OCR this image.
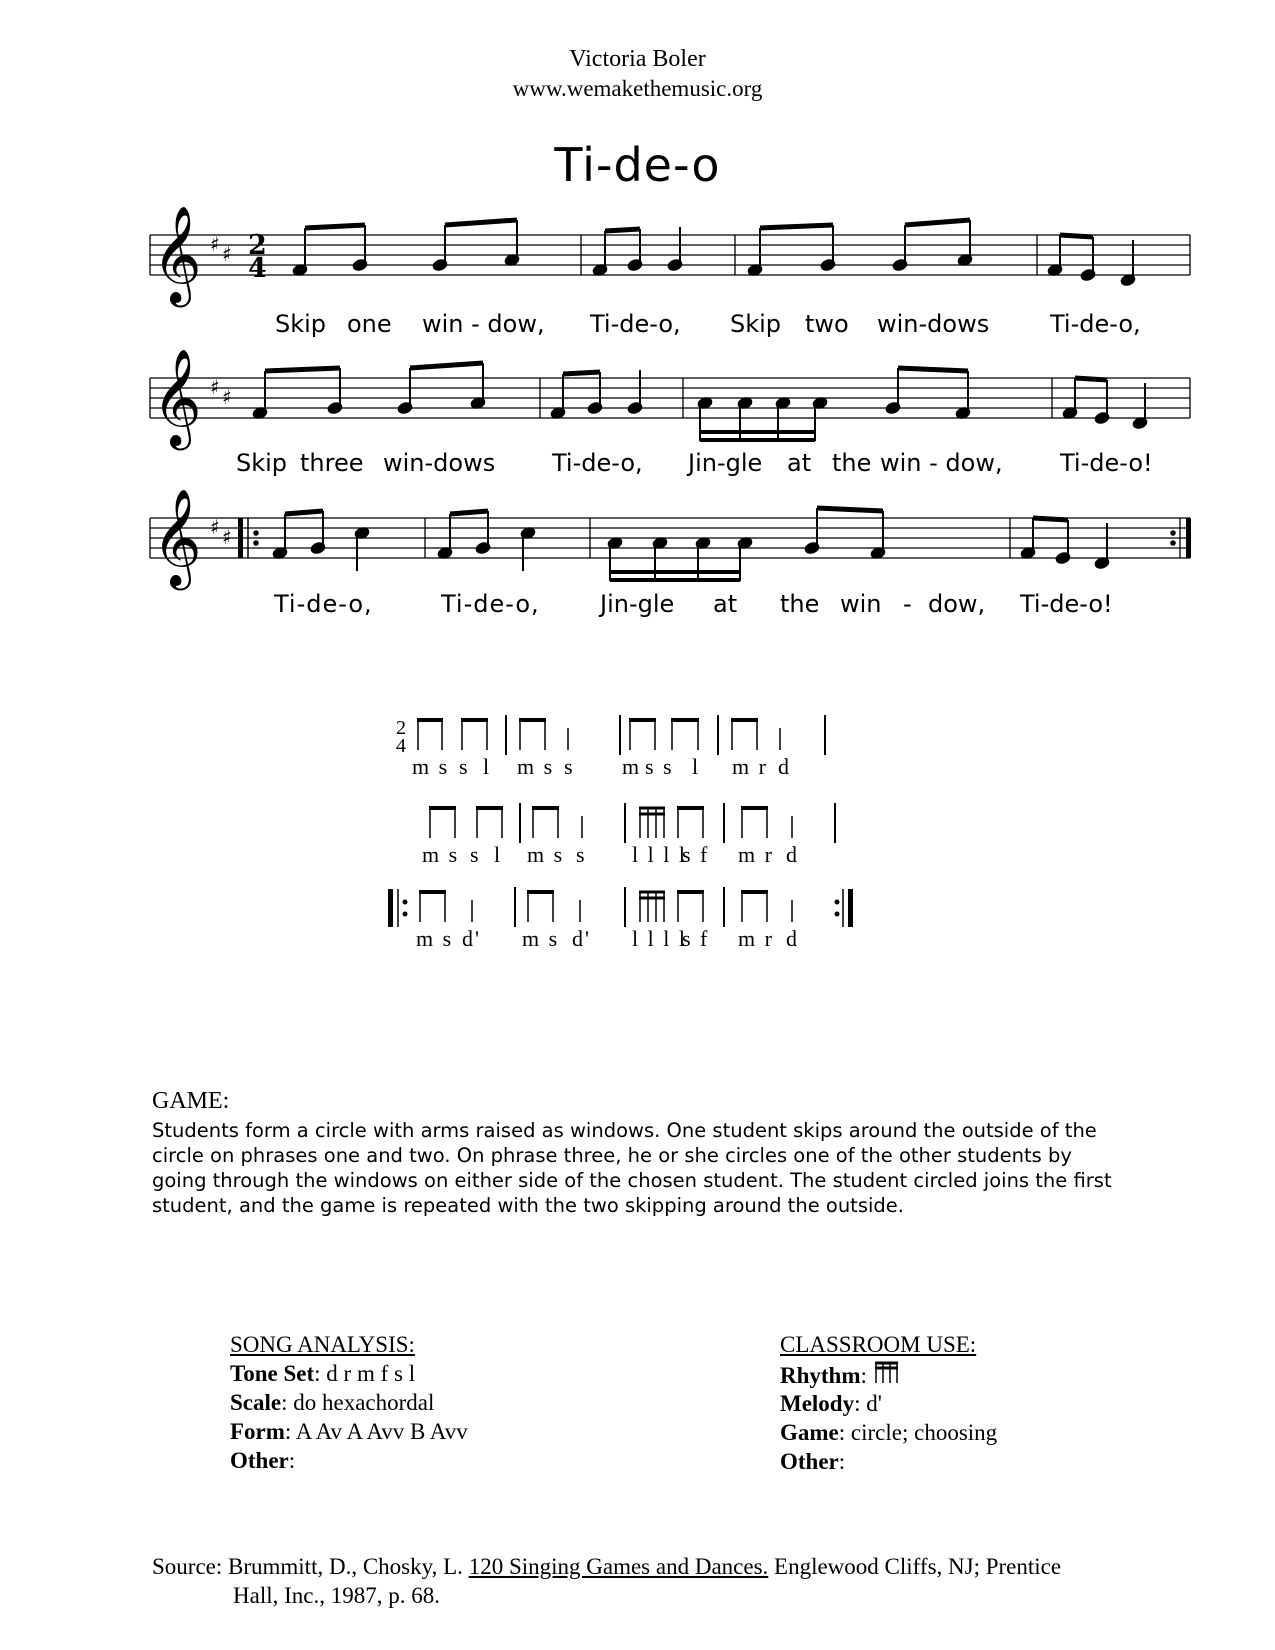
Victoria Boler
www.wemakethemusic.org
Ti-de-o
𝄞 ♯ ♯ 2
4
Skip one win - dow, Ti-de-o, Skip two win-dows	Ti-de-o,
𝄞 ♯ ♯
Skip three win-dows Ti-de-o, Jin-gle at the win - dow, Ti-de-o!
𝄞 ♯ ♯
Ti-de-o,	Ti-de-o,	Jin-gle at the win - dow, Ti-de-o!
2
4
m s s l m s s m s s l m r d
m s s l m s s l l l l
s f m r d
m s d' m s d' l l l l
s f m r d
GAME:
Students form a circle with arms raised as windows. One student skips around the outside of the circle on phrases one and two. On phrase three, he or she circles one of the other students by going through the windows on either side of the chosen student. The student circled joins the first student, and the game is repeated with the two skipping around the outside.
SONG ANALYSIS:
Tone Set: d r m f s l
Scale: do hexachordal
Form: A Av A Avv B Avv
Other:
CLASSROOM USE:
Rhythm:
Melody: d'
Game: circle; choosing
Other:
Source: Brummitt, D., Chosky, L. 120 Singing Games and Dances. Englewood Cliffs, NJ; Prentice
Hall, Inc., 1987, p. 68.
